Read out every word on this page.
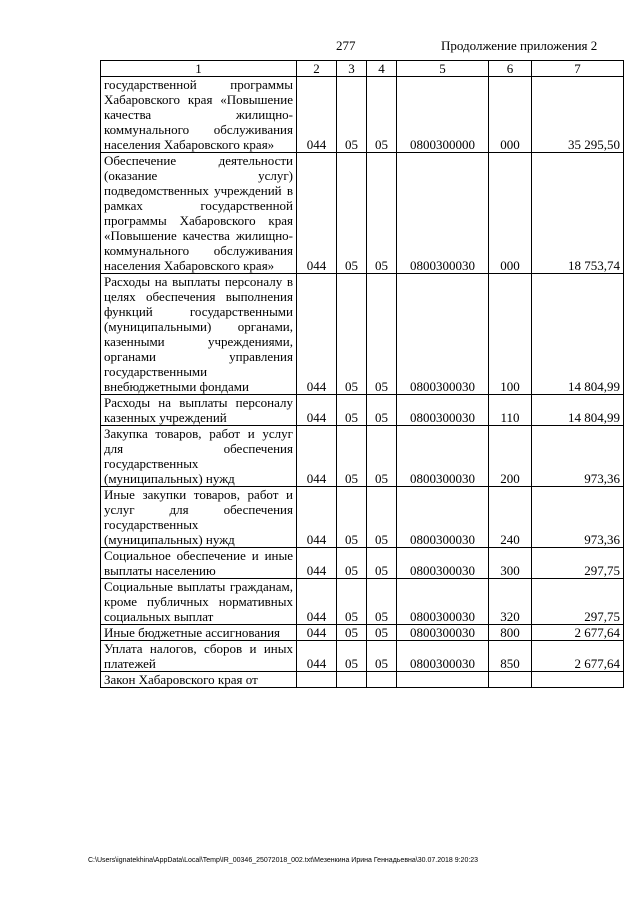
277	Продолжение приложения 2
1	2	3	4	5	6	7
государственной программы Хабаровского края «Повышение качества жилищно-коммунального обслуживания населения Хабаровского края»	044	05	05	0800300000	000	35 295,50
Обеспечение деятельности (оказание услуг) подведомственных учреждений в рамках государственной программы Хабаровского края «Повышение качества жилищно-коммунального обслуживания населения Хабаровского края»	044	05	05	0800300030	000	18 753,74
Расходы на выплаты персоналу в целях обеспечения выполнения функций государственными (муниципальными) органами, казенными учреждениями, органами управления государственными внебюджетными фондами	044	05	05	0800300030	100	14 804,99
Расходы на выплаты персоналу казенных учреждений	044	05	05	0800300030	110	14 804,99
Закупка товаров, работ и услуг для обеспечения государственных (муниципальных) нужд	044	05	05	0800300030	200	973,36
Иные закупки товаров, работ и услуг для обеспечения государственных (муниципальных) нужд	044	05	05	0800300030	240	973,36
Социальное обеспечение и иные выплаты населению	044	05	05	0800300030	300	297,75
Социальные выплаты гражданам, кроме публичных нормативных социальных выплат	044	05	05	0800300030	320	297,75
Иные бюджетные ассигнования	044	05	05	0800300030	800	2 677,64
Уплата налогов, сборов и иных платежей	044	05	05	0800300030	850	2 677,64
Закон Хабаровского края от						
C:\Users\ignatekhina\AppData\Local\Temp\IR_00346_25072018_002.txt\Мезенкина Ирина Геннадьевна\30.07.2018 9:20:23
